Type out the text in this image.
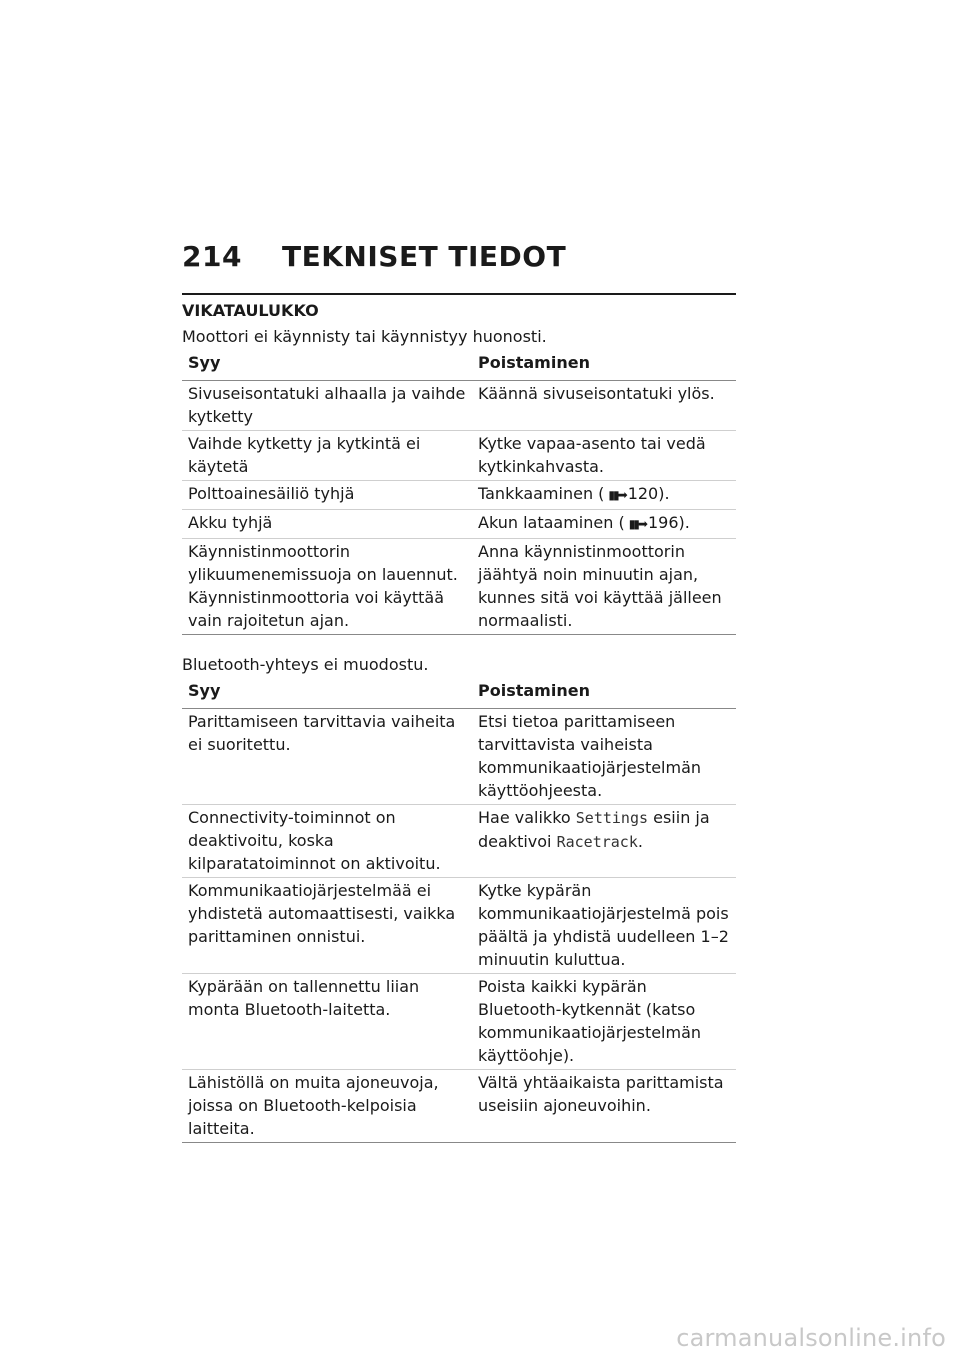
214	TEKNISET TIEDOT
VIKATAULUKKO
Moottori ei käynnisty tai käynnistyy huonosti.
Syy	Poistaminen
Sivuseisontatuki alhaalla ja vaihde kytketty	Käännä sivuseisontatuki ylös.
Vaihde kytketty ja kytkintä ei käytetä	Kytke vapaa-asento tai vedä kytkinkahvasta.
Polttoainesäiliö tyhjä	Tankkaaminen ( ▮▮➡ 120).
Akku tyhjä	Akun lataaminen ( ▮▮➡ 196).
Käynnistinmoottorin ylikuumenemissuoja on lauennut. Käynnistinmoottoria voi käyttää vain rajoitetun ajan.	Anna käynnistinmoottorin jäähtyä noin minuutin ajan, kunnes sitä voi käyttää jälleen normaalisti.
Bluetooth-yhteys ei muodostu.
Syy	Poistaminen
Parittamiseen tarvittavia vaiheita ei suoritettu.	Etsi tietoa parittamiseen tarvittavista vaiheista kommunikaatiojärjestelmän käyttöohjeesta.
Connectivity-toiminnot on deaktivoitu, koska kilparatatoiminnot on aktivoitu.	Hae valikko Settings esiin ja deaktivoi Racetrack.
Kommunikaatiojärjestelmää ei yhdistetä automaattisesti, vaikka parittaminen onnistui.	Kytke kypärän kommunikaatiojärjestelmä pois päältä ja yhdistä uudelleen 1–2 minuutin kuluttua.
Kypärään on tallennettu liian monta Bluetooth-laitetta.	Poista kaikki kypärän Bluetooth-kytkennät (katso kommunikaatiojärjestelmän käyttöohje).
Lähistöllä on muita ajoneuvoja, joissa on Bluetooth-kelpoisia laitteita.	Vältä yhtäaikaista parittamista useisiin ajoneuvoihin.
carmanualsonline.info
